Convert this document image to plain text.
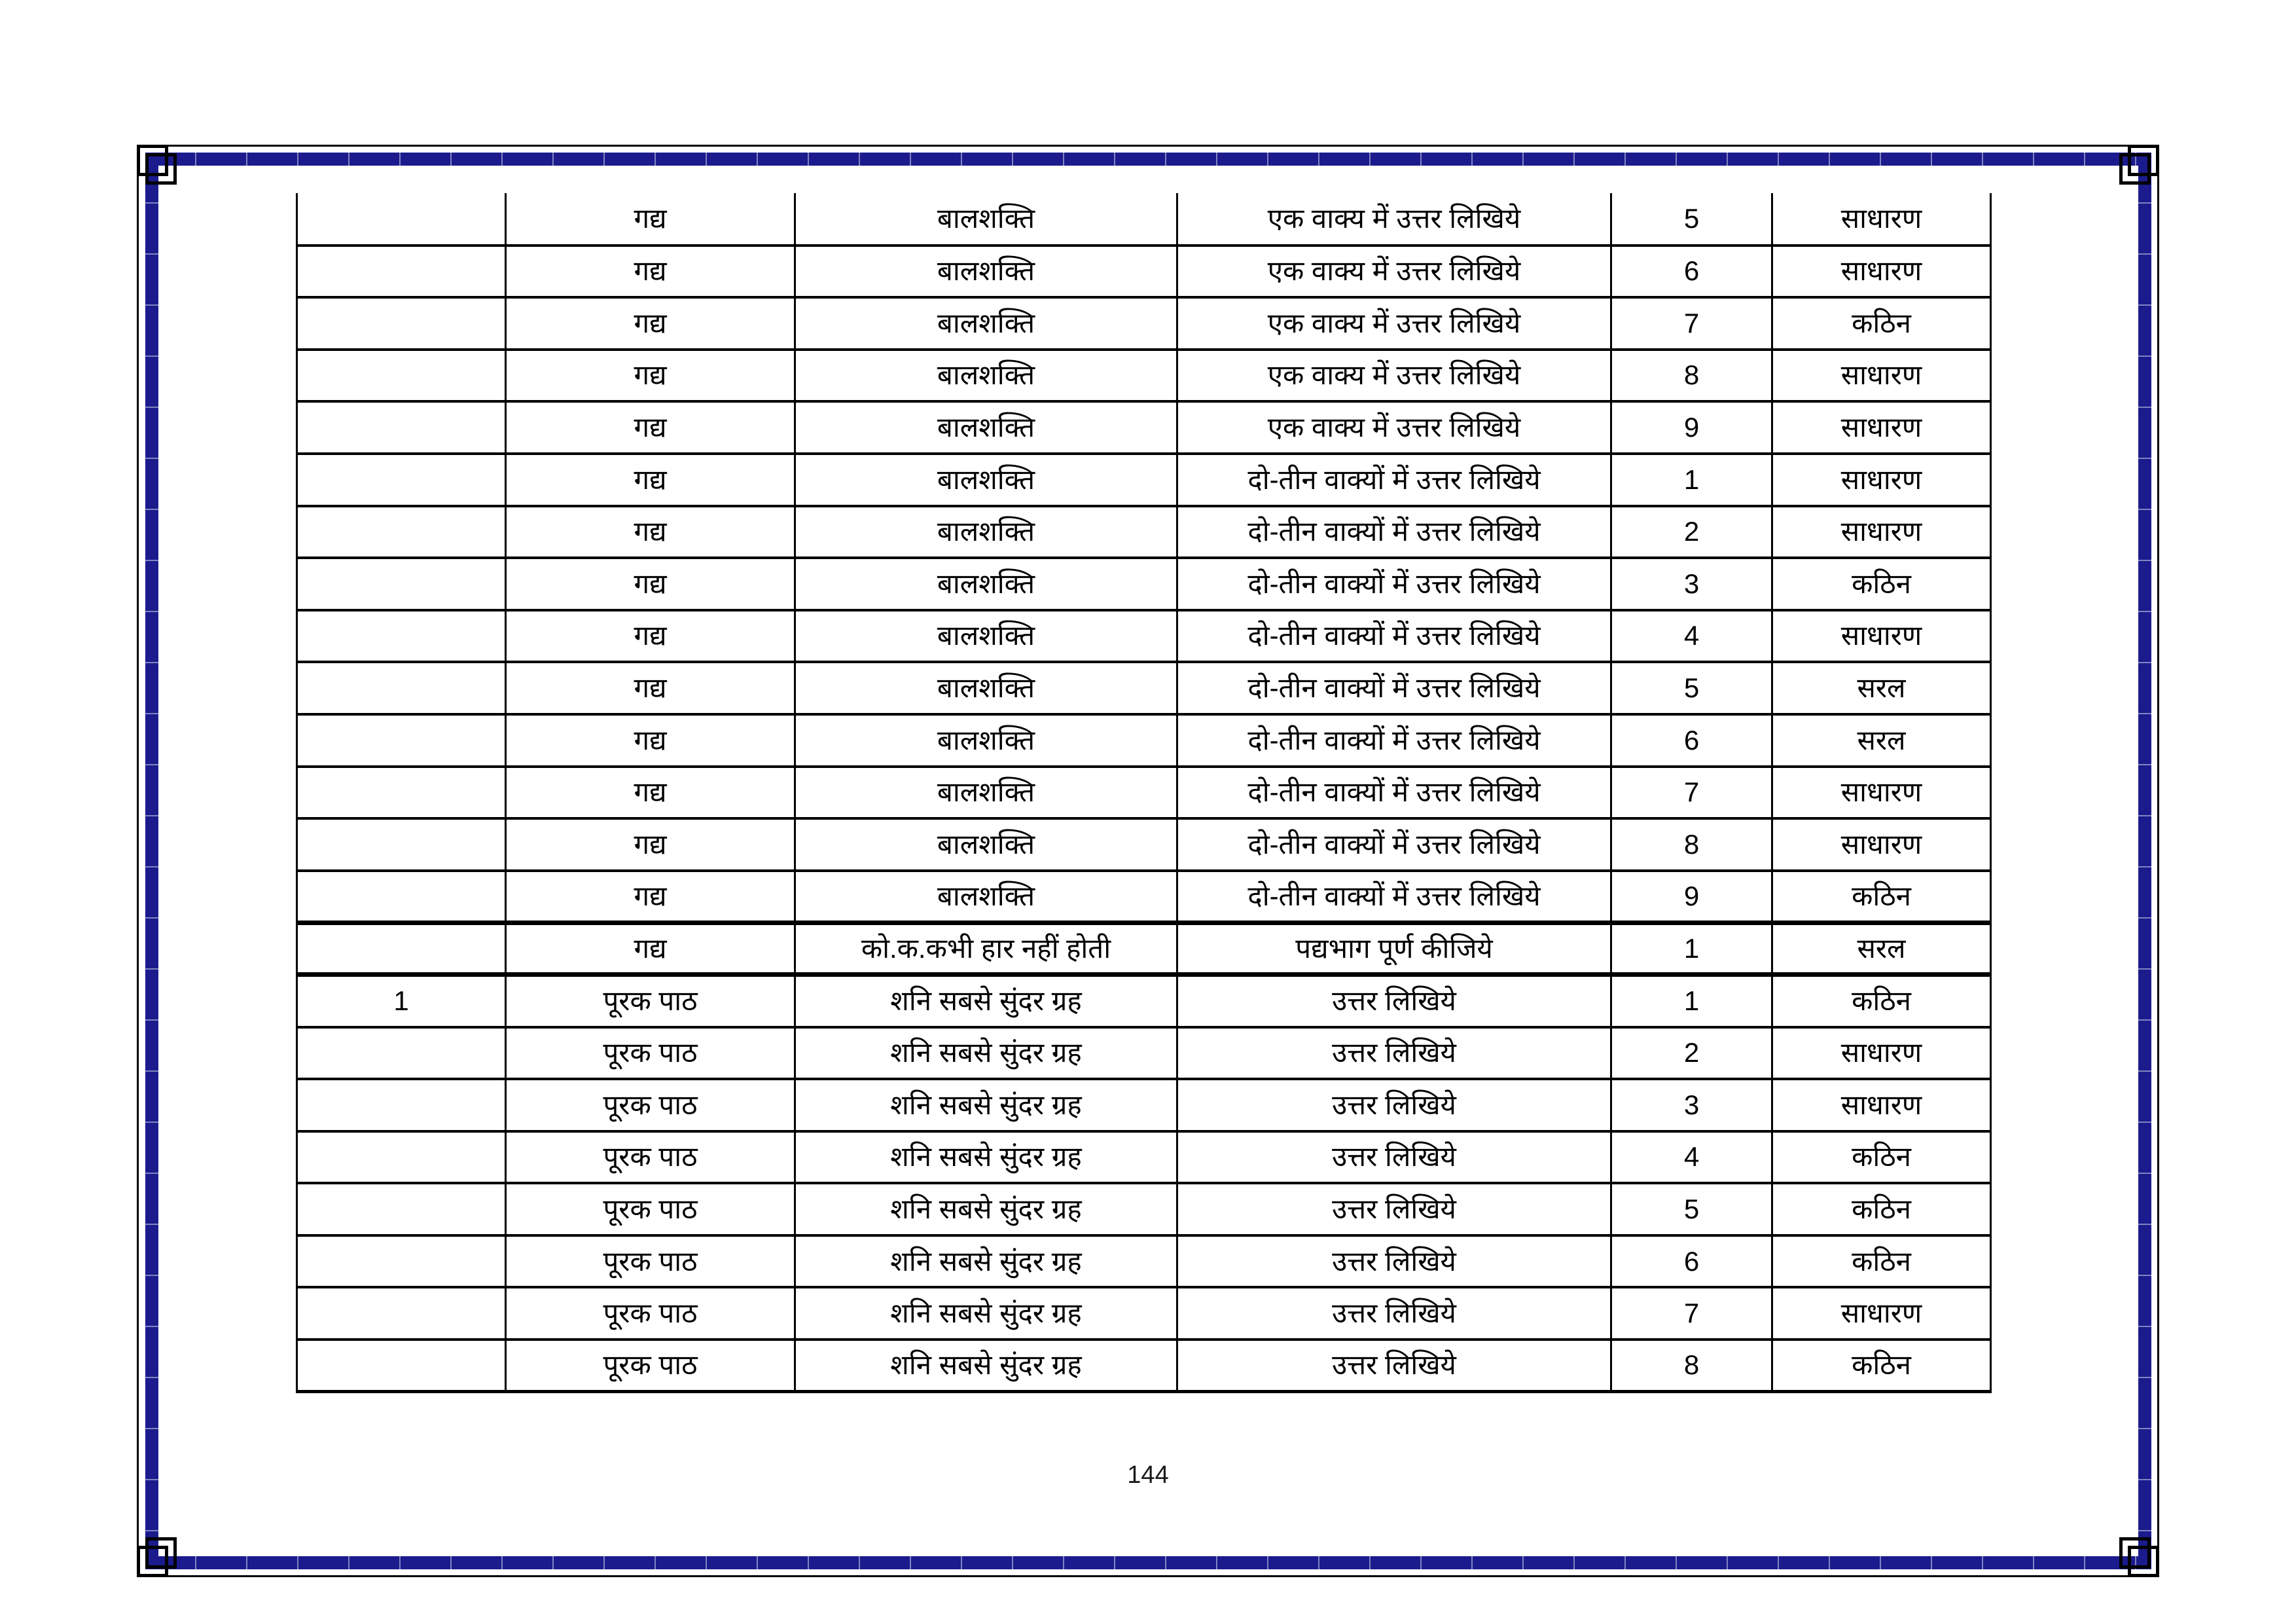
	गद्य	बालशक्ति	एक वाक्य में उत्तर लिखिये	5	साधारण
	गद्य	बालशक्ति	एक वाक्य में उत्तर लिखिये	6	साधारण
	गद्य	बालशक्ति	एक वाक्य में उत्तर लिखिये	7	कठिन
	गद्य	बालशक्ति	एक वाक्य में उत्तर लिखिये	8	साधारण
	गद्य	बालशक्ति	एक वाक्य में उत्तर लिखिये	9	साधारण
	गद्य	बालशक्ति	दो-तीन वाक्यों में उत्तर लिखिये	1	साधारण
	गद्य	बालशक्ति	दो-तीन वाक्यों में उत्तर लिखिये	2	साधारण
	गद्य	बालशक्ति	दो-तीन वाक्यों में उत्तर लिखिये	3	कठिन
	गद्य	बालशक्ति	दो-तीन वाक्यों में उत्तर लिखिये	4	साधारण
	गद्य	बालशक्ति	दो-तीन वाक्यों में उत्तर लिखिये	5	सरल
	गद्य	बालशक्ति	दो-तीन वाक्यों में उत्तर लिखिये	6	सरल
	गद्य	बालशक्ति	दो-तीन वाक्यों में उत्तर लिखिये	7	साधारण
	गद्य	बालशक्ति	दो-तीन वाक्यों में उत्तर लिखिये	8	साधारण
	गद्य	बालशक्ति	दो-तीन वाक्यों में उत्तर लिखिये	9	कठिन
	गद्य	को.क.कभी हार नहीं होती	पद्यभाग पूर्ण कीजिये	1	सरल
1	पूरक पाठ	शनि सबसे सुंदर ग्रह	उत्तर लिखिये	1	कठिन
	पूरक पाठ	शनि सबसे सुंदर ग्रह	उत्तर लिखिये	2	साधारण
	पूरक पाठ	शनि सबसे सुंदर ग्रह	उत्तर लिखिये	3	साधारण
	पूरक पाठ	शनि सबसे सुंदर ग्रह	उत्तर लिखिये	4	कठिन
	पूरक पाठ	शनि सबसे सुंदर ग्रह	उत्तर लिखिये	5	कठिन
	पूरक पाठ	शनि सबसे सुंदर ग्रह	उत्तर लिखिये	6	कठिन
	पूरक पाठ	शनि सबसे सुंदर ग्रह	उत्तर लिखिये	7	साधारण
	पूरक पाठ	शनि सबसे सुंदर ग्रह	उत्तर लिखिये	8	कठिन
144
